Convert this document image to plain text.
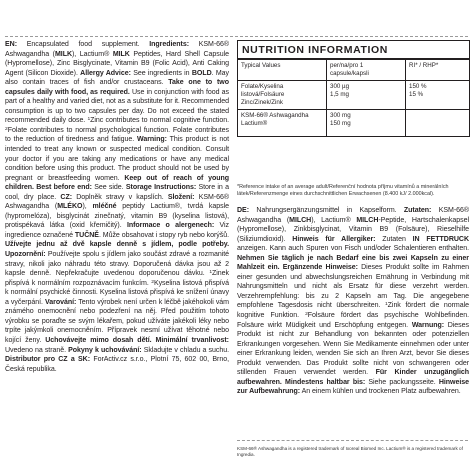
EN: Encapsulated food supplement. Ingredients: KSM-66® Ashwagandha (MILK), Lactium® MILK Peptides, Hard Shell Capsule (Hypromellose), Zinc Bisglycinate, Vitamin B9 (Folic Acid), Anti Caking Agent (Silicon Dioxide). Allergy Advice: See ingredients in BOLD. May also contain traces of fish and/or crustaceans. Take one to two capsules daily with food, as required. Use in conjunction with food as part of a healthy and varied diet, not as a substitute for it. Recommended consumption is up to two capsules per day. Do not exceed the stated recommended daily dose. $^1$Zinc contributes to normal cognitive function. $^2$Folate contributes to normal psychological function. Folate contributes to the reduction of tiredness and fatigue. Warning: This product is not intended to treat any known or suspected medical condition. Consult your doctor if you are taking any medications or have any medical condition before using this product. The product should not be used by pregnant or breastfeeding women. Keep out of reach of young children. Best before end: See side. Storage Instructions: Store in a cool, dry place. CZ: Doplněk stravy v kapslích. Složení: KSM-66® Ashwagandha (MLÉKO), mléčné peptidy Lactium®, tvrdá kapsle (hypromelóza), bisglycinát zinečnatý, vitamin B9 (kyselina listová), protispékavá látka (oxid křemičitý). Informace o alergenech: Viz ingredience označené TUČNĚ. Může obsahovat i stopy ryb nebo korýšů. Užívejte jednu až dvě kapsle denně s jídlem, podle potřeby. Upozornění: Používejte spolu s jídlem jako součást zdravé a rozmanité stravy, nikoli jako náhradu této stravy. Doporučená dávka jsou až 2 kapsle denně. Nepřekračujte uvedenou doporučenou dávku. $^1$Zinek přispívá k normálním rozpoznávacím funkcím. $^2$Kyselina listová přispívá k normální psychické činnosti. Kyselina listová přispívá ke snížení únavy a vyčerpání. Varování: Tento výrobek není určen k léčbě jakéhokoli vám známého onemocnění nebo podezření na něj. Před použitím tohoto výrobku se poraďte se svým lékařem, pokud užíváte jakékoli léky nebo trpíte jakýmkoli onemocněním. Přípravek nesmí užívat těhotné nebo kojící ženy. Uchovávejte mimo dosah dětí. Minimální trvanlivost: Uvedeno na straně. Pokyny k uchovávání: Skladujte v chladu a suchu. Distributor pro CZ a SK: ForActiv.cz s.r.o., Plotní 75, 602 00, Brno, Česká republika.

NUTRITION INFORMATION
Typical Values	per/na/pro 1 capsule/kapsli
RI* / RHP*
Folate/Kyselina listová/Folsäure
Zinc/Zinek/Zink
300 µg
1,5 mg
150 %
15 %
KSM-66® Ashwagandha
Lactium®
300 mg
150 mg
*Reference intake of an average adult/Referenční hodnota příjmu vitamínů a minerálních látek/Referenzmenge eines durchschnittlichen Erwachsenen (8.400 kJ/ 2.000kcal).

DE: Nahrungsergänzungsmittel in Kapselform. Zutaten: KSM-66® Ashwagandha (MILCH), Lactium® MILCH-Peptide, Hartschalenkapsel (Hypromellose), Zinkbisglycinat, Vitamin B9 (Folsäure), Rieselhilfe (Siliziumdioxid). Hinweis für Allergiker: Zutaten IN FETTDRUCK anzeigen. Kann auch Spuren von Fisch und/oder Schalentieren enthalten. Nehmen Sie täglich je nach Bedarf eine bis zwei Kapseln zu einer Mahlzeit ein. Ergänzende Hinweise: Dieses Produkt sollte im Rahmen einer gesunden und abwechslungsreichen Ernährung in Verbindung mit Nahrungsmitteln und nicht als Ersatz für diese verzehrt werden. Verzehrempfehlung: bis zu 2 Kapseln am Tag. Die angegebene empfohlene Tagesdosis nicht überschreiten. $^1$Zink fördert die normale kognitive Funktion. $^2$Folsäure fördert das psychische Wohlbefinden. Folsäure wirkt Müdigkeit und Erschöpfung entgegen. Warnung: Dieses Produkt ist nicht zur Behandlung von bekannten oder potenziellen Erkrankungen vorgesehen. Wenn Sie Medikamente einnehmen oder unter einer Erkrankung leiden, wenden Sie sich an Ihren Arzt, bevor Sie dieses Produkt verwenden. Das Produkt sollte nicht von schwangeren oder stillenden Frauen verwendet werden. Für Kinder unzugänglich aufbewahren. Mindestens haltbar bis: Siehe packungsseite. Hinweise zur Aufbewahrung: An einem kühlen und trockenen Platz aufbewahren.

KSM-66® Ashwagandha is a registered trademark of Ixoreal Biomed Inc. Lactium® is a registered trademark of Ingredia.
